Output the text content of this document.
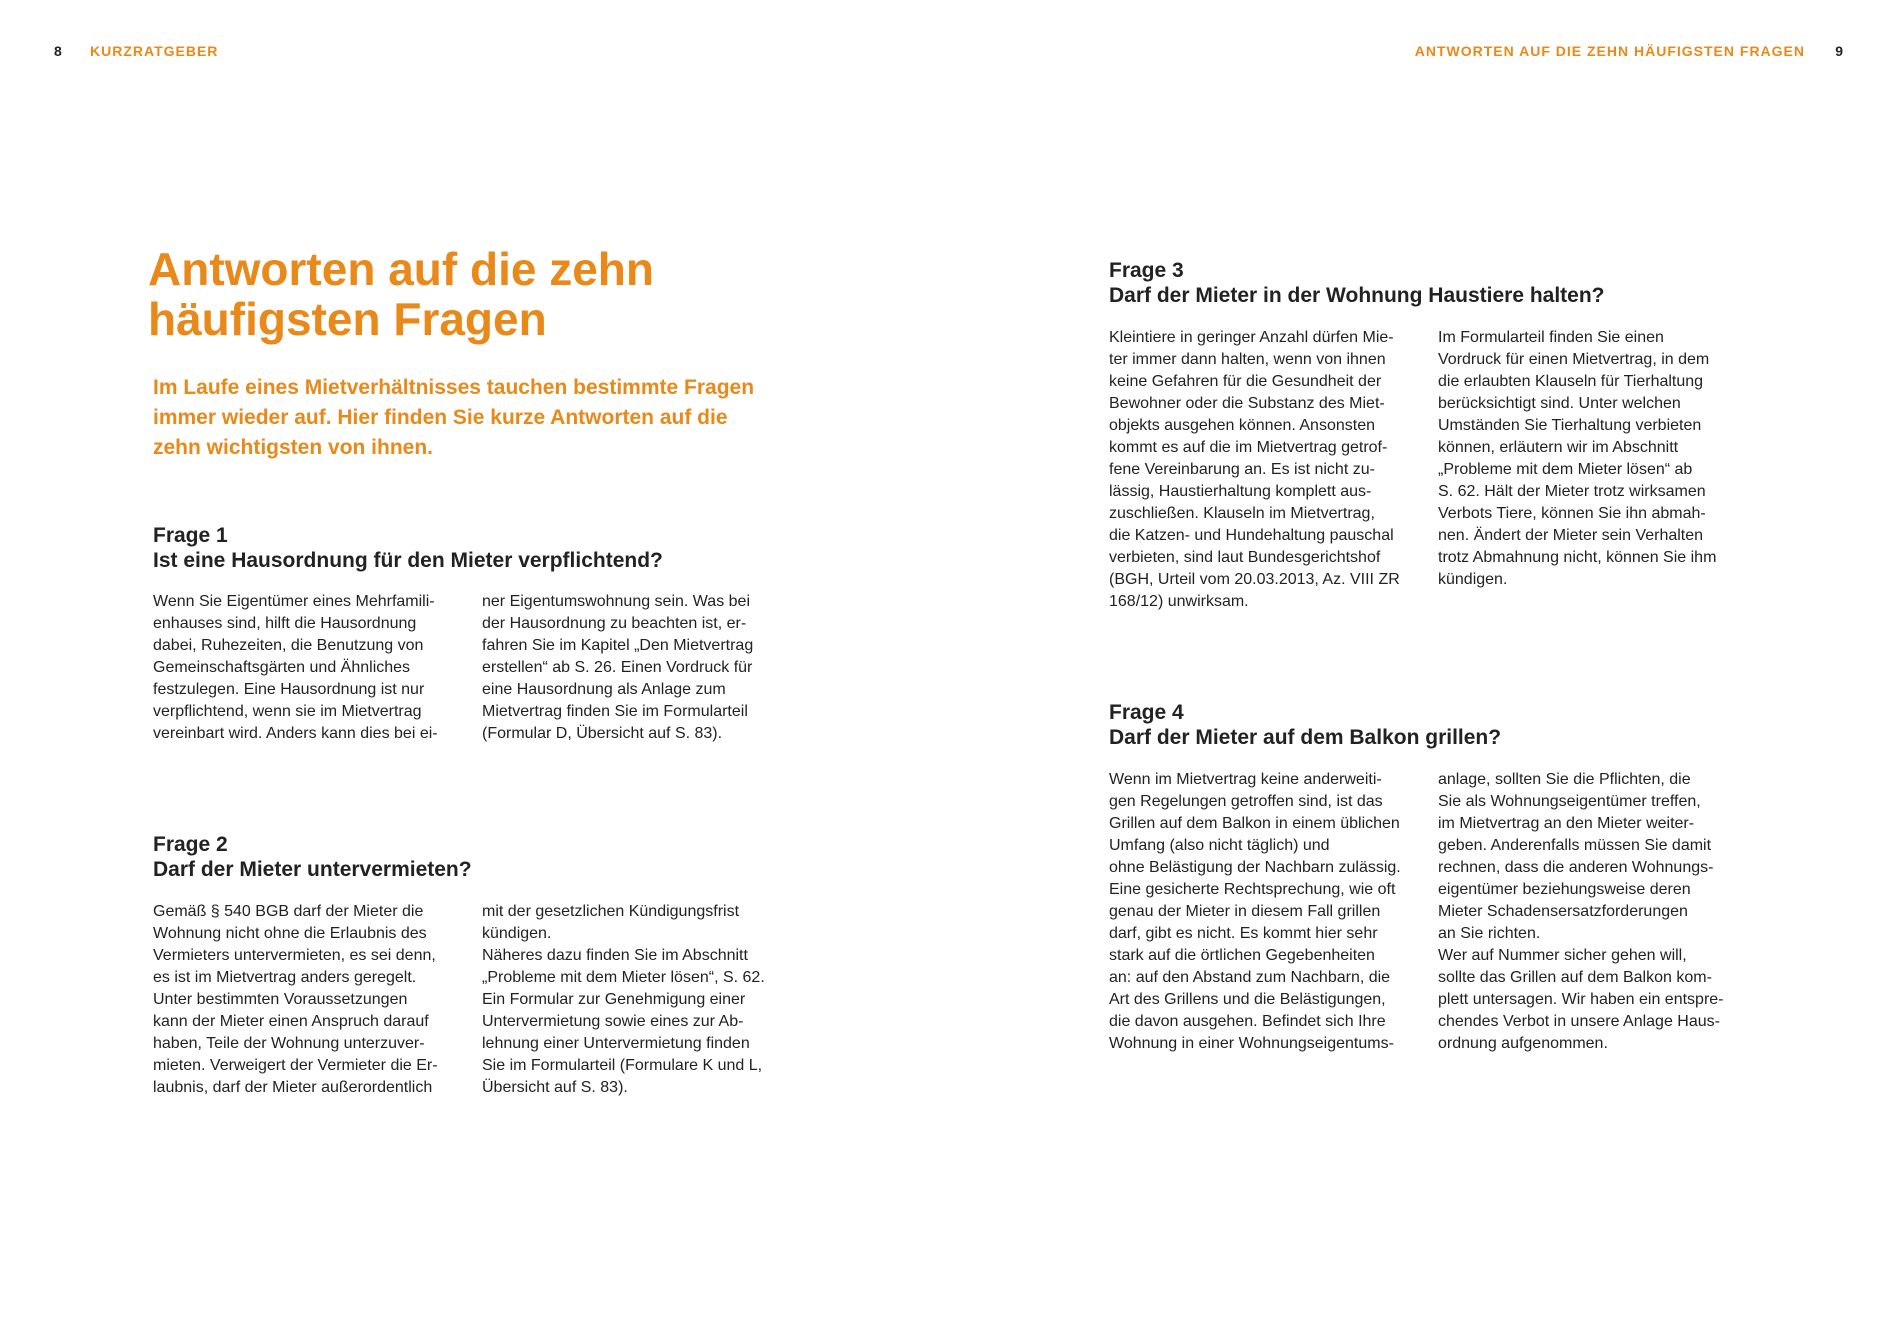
8 KURZRATGEBER	ANTWORTEN AUF DIE ZEHN HÄUFIGSTEN FRAGEN 9
Antworten auf die zehn häufigsten Fragen

Im Laufe eines Mietverhältnisses tauchen bestimmte Fragen immer wieder auf. Hier finden Sie kurze Antworten auf die zehn wichtigsten von ihnen.

Frage 1
Ist eine Hausordnung für den Mieter verpflichtend?
Wenn Sie Eigentümer eines Mehrfamili-
enhauses sind, hilft die Hausordnung
dabei, Ruhezeiten, die Benutzung von
Gemeinschaftsgärten und Ähnliches
festzulegen. Eine Hausordnung ist nur
verpflichtend, wenn sie im Mietvertrag
vereinbart wird. Anders kann dies bei ei-
ner Eigentumswohnung sein. Was bei
der Hausordnung zu beachten ist, er-
fahren Sie im Kapitel „Den Mietvertrag
erstellen“ ab S. 26. Einen Vordruck für
eine Hausordnung als Anlage zum
Mietvertrag finden Sie im Formularteil
(Formular D, Übersicht auf S. 83).
Frage 2
Darf der Mieter untervermieten?
Gemäß § 540 BGB darf der Mieter die
Wohnung nicht ohne die Erlaubnis des
Vermieters untervermieten, es sei denn,
es ist im Mietvertrag anders geregelt.
Unter bestimmten Voraussetzungen
kann der Mieter einen Anspruch darauf
haben, Teile der Wohnung unterzuver-
mieten. Verweigert der Vermieter die Er-
laubnis, darf der Mieter außerordentlich
mit der gesetzlichen Kündigungsfrist
kündigen.
Näheres dazu finden Sie im Abschnitt
„Probleme mit dem Mieter lösen“, S. 62.
Ein Formular zur Genehmigung einer
Untervermietung sowie eines zur Ab-
lehnung einer Untervermietung finden
Sie im Formularteil (Formulare K und L,
Übersicht auf S. 83).
Frage 3
Darf der Mieter in der Wohnung Haustiere halten?
Kleintiere in geringer Anzahl dürfen Mie-
ter immer dann halten, wenn von ihnen
keine Gefahren für die Gesundheit der
Bewohner oder die Substanz des Miet-
objekts ausgehen können. Ansonsten
kommt es auf die im Mietvertrag getrof-
fene Vereinbarung an. Es ist nicht zu-
lässig, Haustierhaltung komplett aus-
zuschließen. Klauseln im Mietvertrag,
die Katzen- und Hundehaltung pauschal
verbieten, sind laut Bundesgerichtshof
(BGH, Urteil vom 20.03.2013, Az. VIII ZR
168/12) unwirksam.
Im Formularteil finden Sie einen
Vordruck für einen Mietvertrag, in dem
die erlaubten Klauseln für Tierhaltung
berücksichtigt sind. Unter welchen
Umständen Sie Tierhaltung verbieten
können, erläutern wir im Abschnitt
„Probleme mit dem Mieter lösen“ ab
S. 62. Hält der Mieter trotz wirksamen
Verbots Tiere, können Sie ihn abmah-
nen. Ändert der Mieter sein Verhalten
trotz Abmahnung nicht, können Sie ihm
kündigen.
Frage 4
Darf der Mieter auf dem Balkon grillen?
Wenn im Mietvertrag keine anderweiti-
gen Regelungen getroffen sind, ist das
Grillen auf dem Balkon in einem üblichen
Umfang (also nicht täglich) und
ohne Belästigung der Nachbarn zulässig.
Eine gesicherte Rechtsprechung, wie oft
genau der Mieter in diesem Fall grillen
darf, gibt es nicht. Es kommt hier sehr
stark auf die örtlichen Gegebenheiten
an: auf den Abstand zum Nachbarn, die
Art des Grillens und die Belästigungen,
die davon ausgehen. Befindet sich Ihre
Wohnung in einer Wohnungseigentums-
anlage, sollten Sie die Pflichten, die
Sie als Wohnungseigentümer treffen,
im Mietvertrag an den Mieter weiter-
geben. Anderenfalls müssen Sie damit
rechnen, dass die anderen Wohnungs-
eigentümer beziehungsweise deren
Mieter Schadensersatzforderungen
an Sie richten.
Wer auf Nummer sicher gehen will,
sollte das Grillen auf dem Balkon kom-
plett untersagen. Wir haben ein entspre-
chendes Verbot in unsere Anlage Haus-
ordnung aufgenommen.
